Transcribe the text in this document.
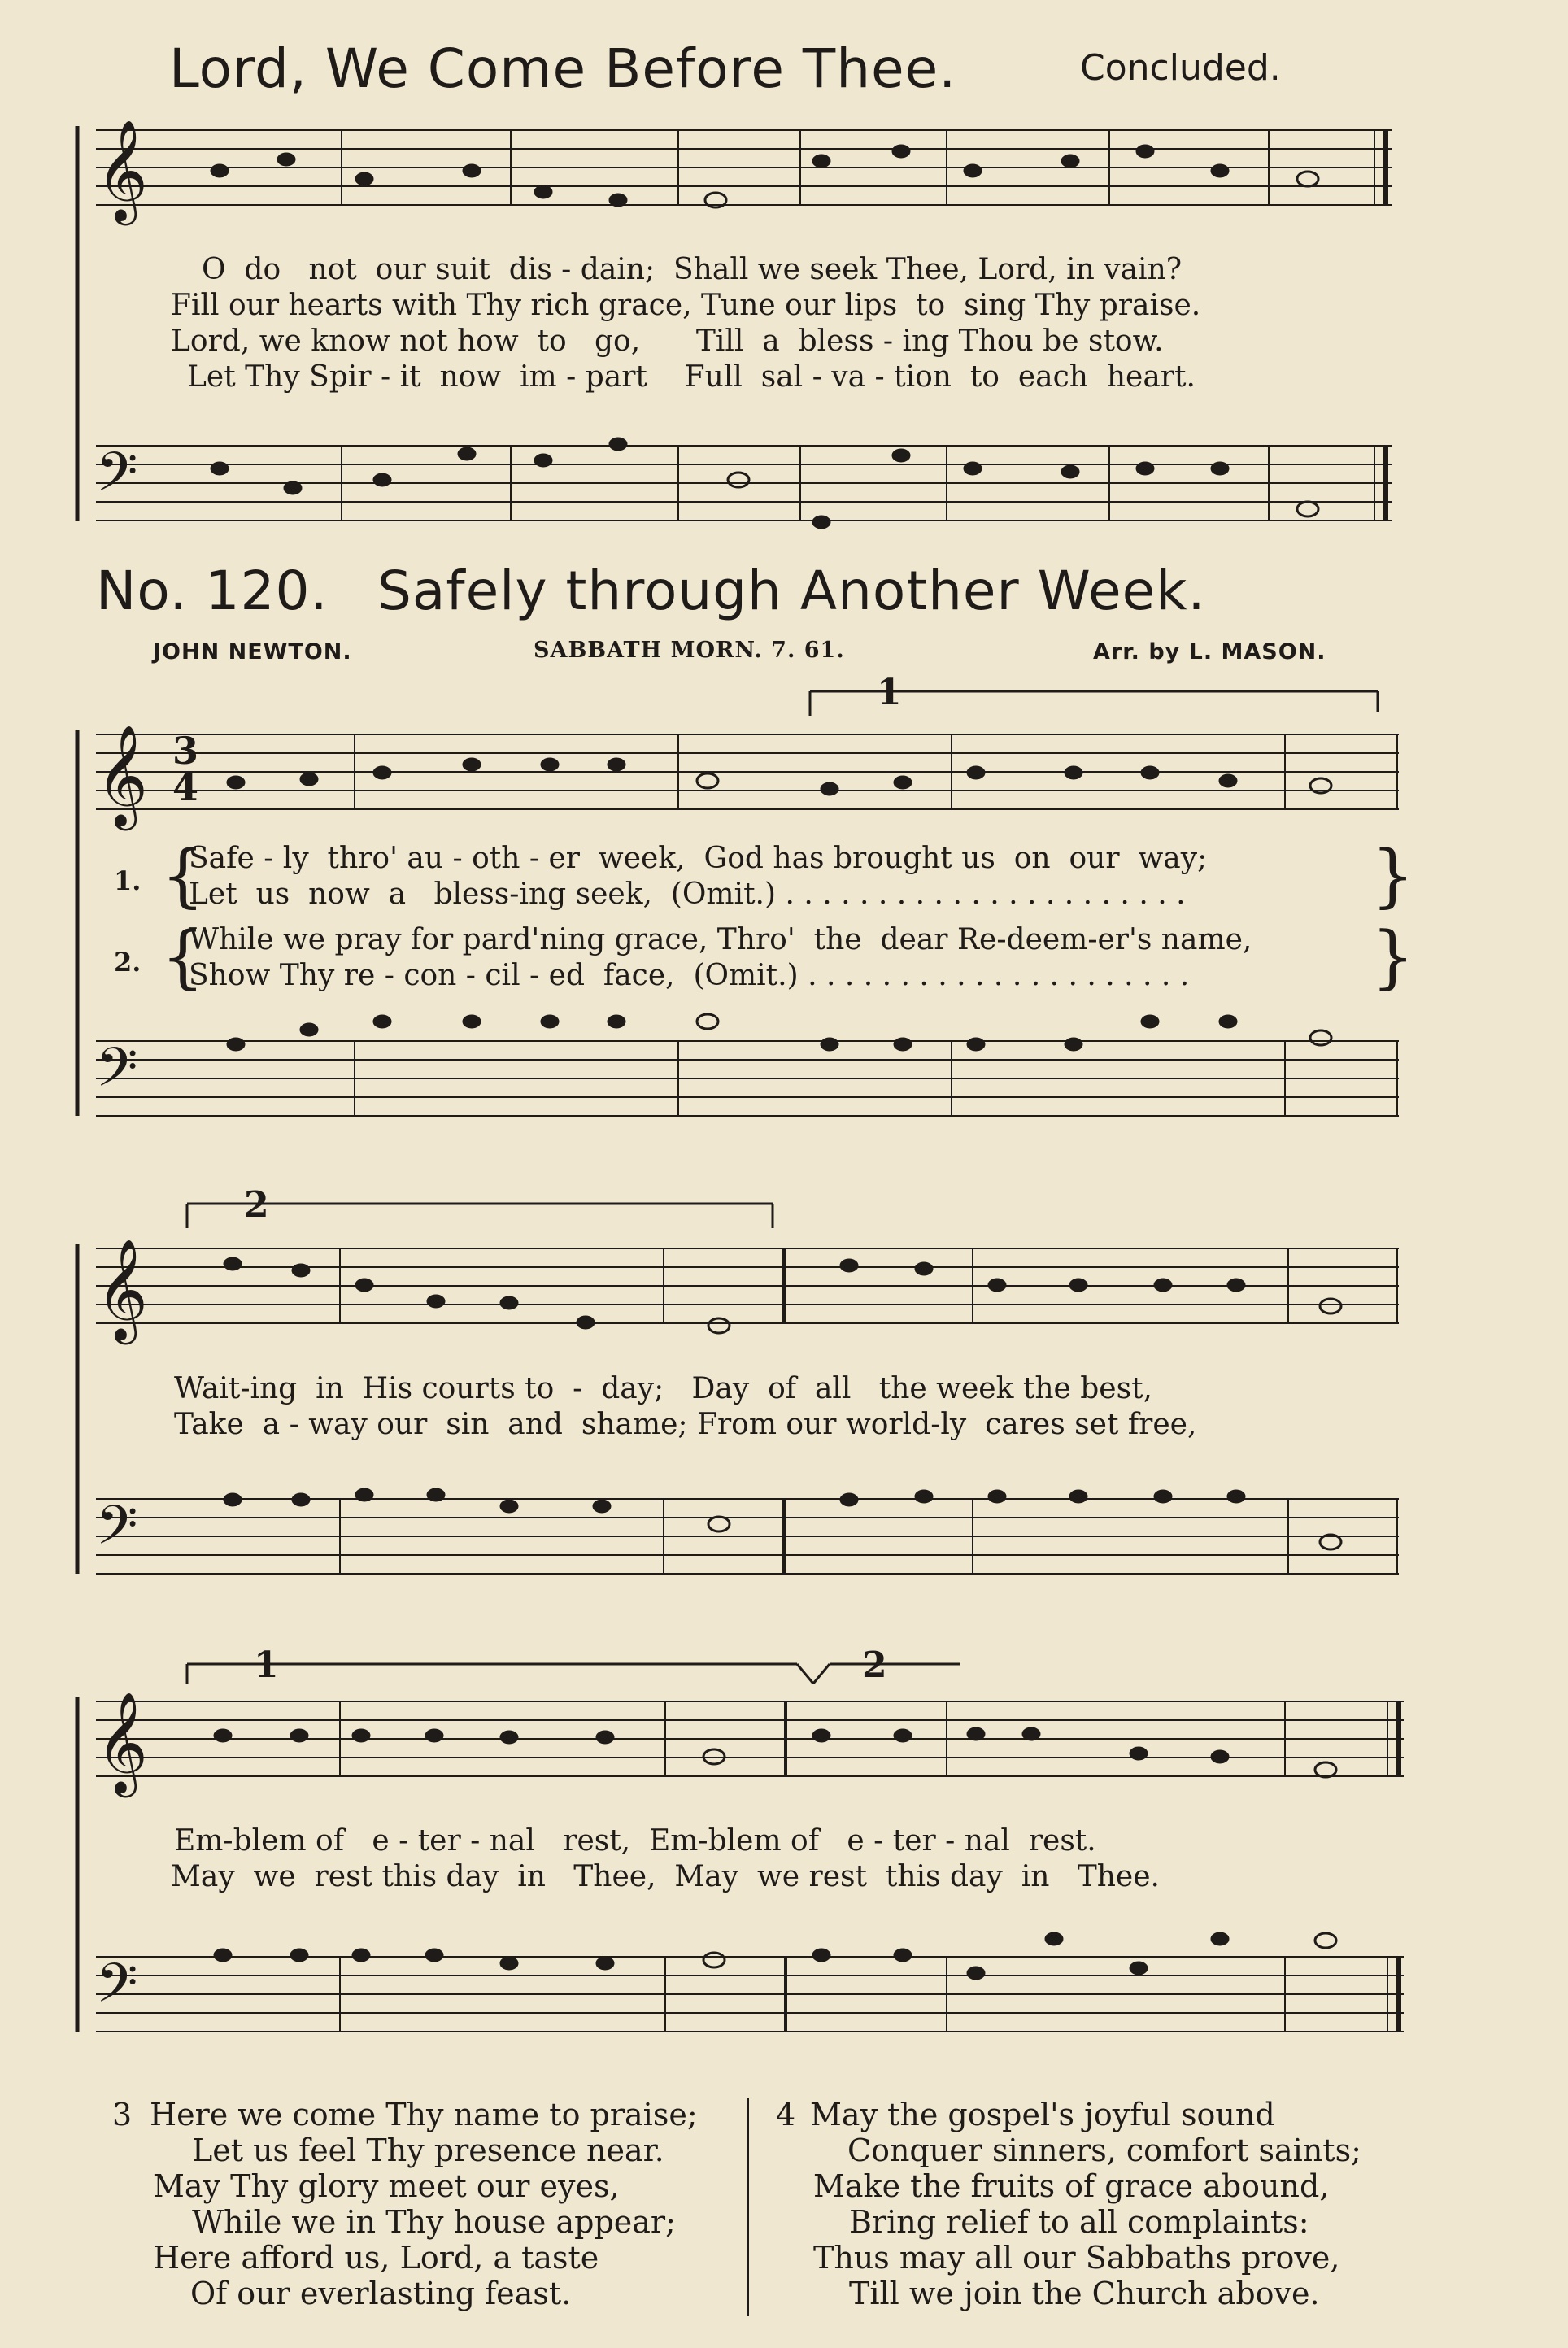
Lord, We Come Before Thee.	Concluded.
𝄞
𝄢
𝄞
𝄢
𝄞
𝄢
𝄞
𝄢
O  do   not  our suit  dis - dain;  Shall we seek Thee, Lord, in vain?
Fill our hearts with Thy rich grace, Tune our lips  to  sing Thy praise.
Lord, we know not how  to   go,      Till  a  bless - ing Thou be stow.
Let Thy Spir - it  now  im - part    Full  sal - va - tion  to  each  heart.
No. 120. Safely through Another Week.
JOHN NEWTON.	SABBATH MORN. 7. 61.	Arr. by L. MASON.
3
4
1
2
1	2
1. {
Safe - ly  thro' au - oth - er  week,  God has brought us  on  our  way;
Let  us  now  a   bless-ing seek,  (Omit.) . . . . . . . . . . . . . . . . . . . . . .	}
2. {
While we pray for pard'ning grace, Thro'  the  dear Re-deem-er's name,
Show Thy re - con - cil - ed  face,  (Omit.) . . . . . . . . . . . . . . . . . . . . .	}
Wait-ing  in  His courts to  -  day;   Day  of  all   the week the best,
Take  a - way our  sin  and  shame; From our world-ly  cares set free,
Em-blem of   e - ter - nal   rest,  Em-blem of   e - ter - nal  rest.
May  we  rest this day  in   Thee,  May  we rest  this day  in   Thee.
3 Here we come Thy name to praise;
Let us feel Thy presence near.
May Thy glory meet our eyes,
While we in Thy house appear;
Here afford us, Lord, a taste
Of our everlasting feast.
4 May the gospel's joyful sound
Conquer sinners, comfort saints;
Make the fruits of grace abound,
Bring relief to all complaints:
Thus may all our Sabbaths prove,
Till we join the Church above.
